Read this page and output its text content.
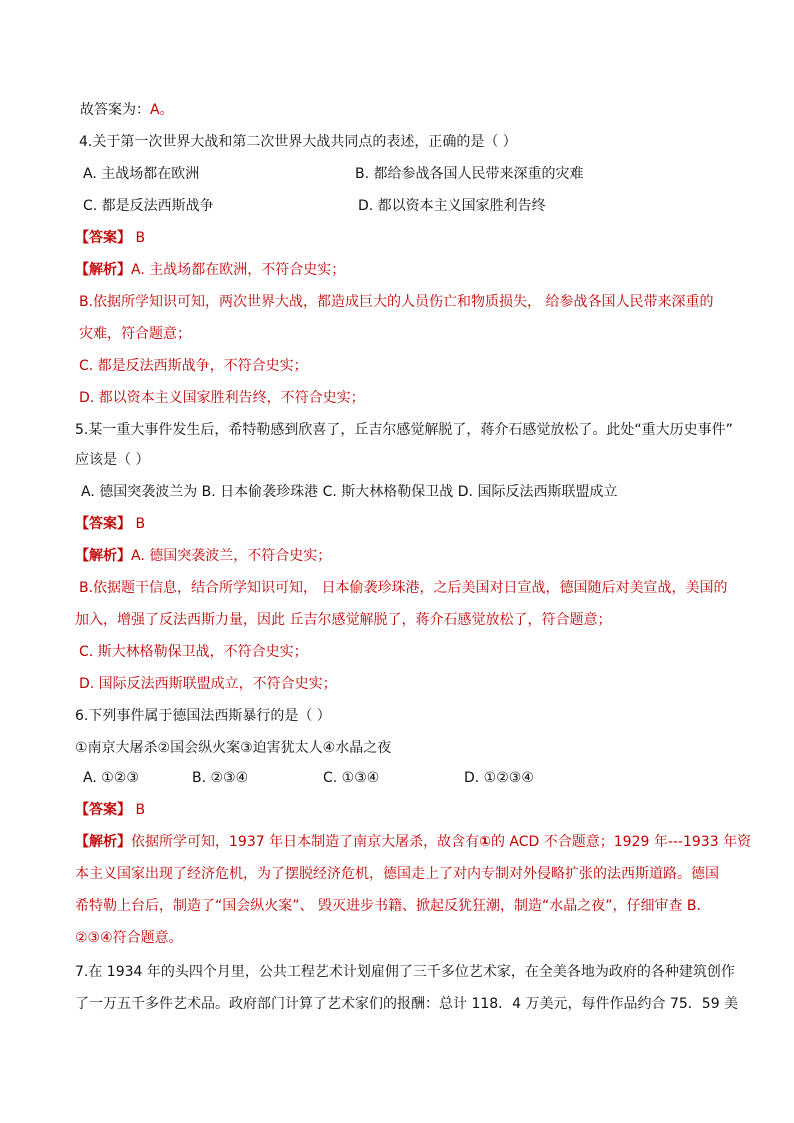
故答案为：A。
4.关于第一次世界大战和第二次世界大战共同点的表述，正确的是（ ）
A. 主战场都在欧洲	B. 都给参战各国人民带来深重的灾难
C. 都是反法西斯战争	D. 都以资本主义国家胜利告终
【答案】 B
【解析】A. 主战场都在欧洲，不符合史实；
B.依据所学知识可知，两次世界大战，都造成巨大的人员伤亡和物质损失， 给参战各国人民带来深重的
灾难，符合题意；
C. 都是反法西斯战争，不符合史实；
D. 都以资本主义国家胜利告终，不符合史实；
5.某一重大事件发生后，希特勒感到欣喜了，丘吉尔感觉解脱了，蒋介石感觉放松了。此处“重大历史事件”
应该是（ ）
A. 德国突袭波兰为 B. 日本偷袭珍珠港 C. 斯大林格勒保卫战 D. 国际反法西斯联盟成立
【答案】 B
【解析】A. 德国突袭波兰，不符合史实；
B.依据题干信息，结合所学知识可知， 日本偷袭珍珠港，之后美国对日宣战，德国随后对美宣战，美国的
加入，增强了反法西斯力量，因此 丘吉尔感觉解脱了，蒋介石感觉放松了，符合题意；
C. 斯大林格勒保卫战，不符合史实；
D. 国际反法西斯联盟成立，不符合史实；
6.下列事件属于德国法西斯暴行的是（ ）
①南京大屠杀②国会纵火案③迫害犹太人④水晶之夜
A. ①②③	B. ②③④	C. ①③④	D. ①②③④
【答案】 B
【解析】依据所学可知，1937 年日本制造了南京大屠杀，故含有①的 ACD 不合题意；1929 年---1933 年资
本主义国家出现了经济危机，为了摆脱经济危机，德国走上了对内专制对外侵略扩张的法西斯道路。德国
希特勒上台后，制造了“国会纵火案”、 毁灭进步书籍、掀起反犹狂潮，制造“水晶之夜”，仔细审查 B.
②③④符合题意。
7.在 1934 年的头四个月里，公共工程艺术计划雇佣了三千多位艺术家，在全美各地为政府的各种建筑创作
了一万五千多件艺术品。政府部门计算了艺术家们的报酬：总计 118．4 万美元，每件作品约合 75．59 美
